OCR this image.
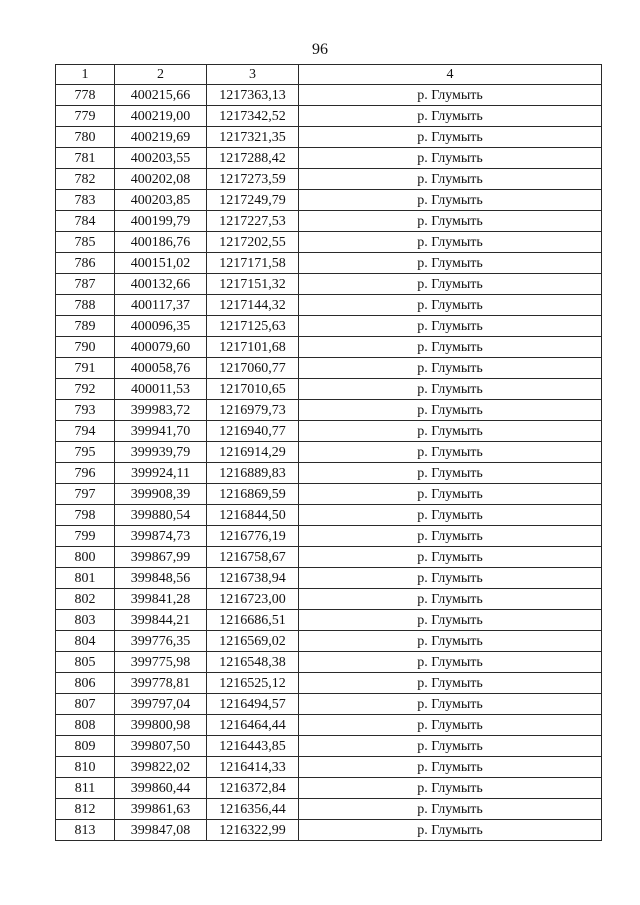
96
1	2	3	4
778	400215,66	1217363,13	р. Глумыть
779	400219,00	1217342,52	р. Глумыть
780	400219,69	1217321,35	р. Глумыть
781	400203,55	1217288,42	р. Глумыть
782	400202,08	1217273,59	р. Глумыть
783	400203,85	1217249,79	р. Глумыть
784	400199,79	1217227,53	р. Глумыть
785	400186,76	1217202,55	р. Глумыть
786	400151,02	1217171,58	р. Глумыть
787	400132,66	1217151,32	р. Глумыть
788	400117,37	1217144,32	р. Глумыть
789	400096,35	1217125,63	р. Глумыть
790	400079,60	1217101,68	р. Глумыть
791	400058,76	1217060,77	р. Глумыть
792	400011,53	1217010,65	р. Глумыть
793	399983,72	1216979,73	р. Глумыть
794	399941,70	1216940,77	р. Глумыть
795	399939,79	1216914,29	р. Глумыть
796	399924,11	1216889,83	р. Глумыть
797	399908,39	1216869,59	р. Глумыть
798	399880,54	1216844,50	р. Глумыть
799	399874,73	1216776,19	р. Глумыть
800	399867,99	1216758,67	р. Глумыть
801	399848,56	1216738,94	р. Глумыть
802	399841,28	1216723,00	р. Глумыть
803	399844,21	1216686,51	р. Глумыть
804	399776,35	1216569,02	р. Глумыть
805	399775,98	1216548,38	р. Глумыть
806	399778,81	1216525,12	р. Глумыть
807	399797,04	1216494,57	р. Глумыть
808	399800,98	1216464,44	р. Глумыть
809	399807,50	1216443,85	р. Глумыть
810	399822,02	1216414,33	р. Глумыть
811	399860,44	1216372,84	р. Глумыть
812	399861,63	1216356,44	р. Глумыть
813	399847,08	1216322,99	р. Глумыть
